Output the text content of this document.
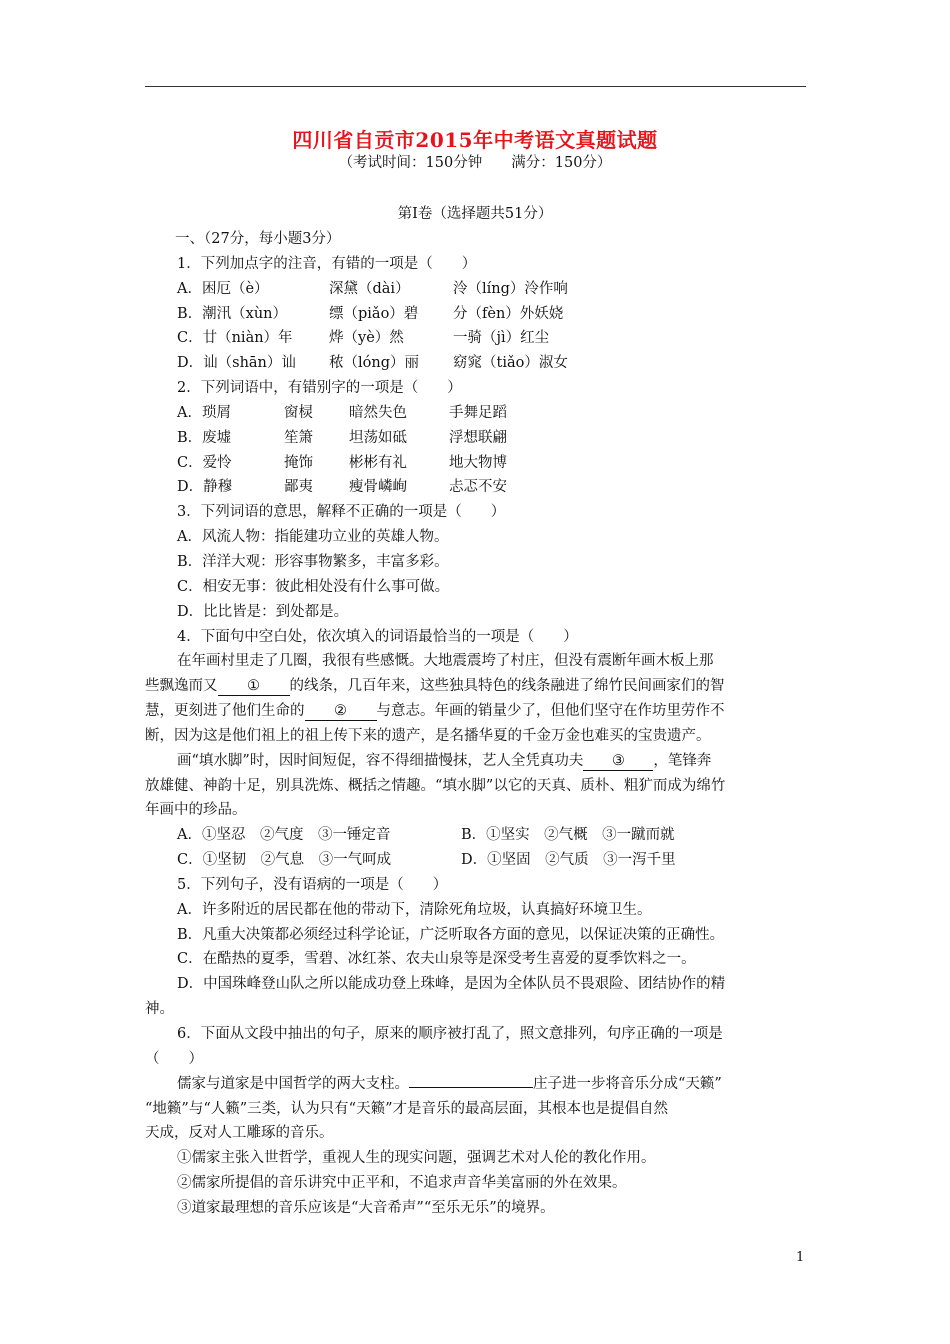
四川省自贡市2015年中考语文真题试题
（考试时间：150分钟　　满分：150分）
第Ⅰ卷（选择题共51分）
一、（27分，每小题3分）
1．下列加点字的注音，有错的一项是（　　）
A．困厄（è）	深黛（dài）	泠（líng）泠作响
B．潮汛（xùn）	缥（piǎo）碧 分（fèn）外妖娆
C．廿（niàn）年	烨（yè）然	一骑（jì）红尘
D．讪（shān）讪 秾（lóng）丽 窈窕（tiǎo）淑女
2．下列词语中，有错别字的一项是（　　）
A．琐屑	窗棂 暗然失色	手舞足蹈
B．废墟	笙箫 坦荡如砥	浮想联翩
C．爱怜	掩饰 彬彬有礼	地大物博
D．静穆	鄙夷 瘦骨嶙峋	忐忑不安
3．下列词语的意思，解释不正确的一项是（　　）
A．风流人物：指能建功立业的英雄人物。
B．洋洋大观：形容事物繁多，丰富多彩。
C．相安无事：彼此相处没有什么事可做。
D．比比皆是：到处都是。
4．下面句中空白处，依次填入的词语最恰当的一项是（　　）
在年画村里走了几圈，我很有些感慨。大地震震垮了村庄，但没有震断年画木板上那
些飘逸而又 ① 的线条，几百年来，这些独具特色的线条融进了绵竹民间画家们的智
慧，更刻进了他们生命的 ② 与意志。年画的销量少了，但他们坚守在作坊里劳作不
断，因为这是他们祖上的祖上传下来的遗产，是名播华夏的千金万金也难买的宝贵遗产。
画“填水脚”时，因时间短促，容不得细描慢抹，艺人全凭真功夫 ③ ，笔锋奔
放雄健、神韵十足，别具洗炼、概括之情趣。“填水脚”以它的天真、质朴、粗犷而成为绵竹
年画中的珍品。
A．①坚忍　②气度　③一锤定音	B．①坚实　②气概　③一蹴而就
C．①坚韧　②气息　③一气呵成	D．①坚固　②气质　③一泻千里
5．下列句子，没有语病的一项是（　　）
A．许多附近的居民都在他的带动下，清除死角垃圾，认真搞好环境卫生。
B．凡重大决策都必须经过科学论证，广泛听取各方面的意见，以保证决策的正确性。
C．在酷热的夏季，雪碧、冰红茶、农夫山泉等是深受考生喜爱的夏季饮料之一。
D．中国珠峰登山队之所以能成功登上珠峰，是因为全体队员不畏艰险、团结协作的精
神。
6．下面从文段中抽出的句子，原来的顺序被打乱了，照文意排列，句序正确的一项是
（　　）
儒家与道家是中国哲学的两大支柱。	庄子进一步将音乐分成“天籁”
“地籁”与“人籁”三类，认为只有“天籁”才是音乐的最高层面，其根本也是提倡自然
天成，反对人工雕琢的音乐。
①儒家主张入世哲学，重视人生的现实问题，强调艺术对人伦的教化作用。
②儒家所提倡的音乐讲究中正平和，不追求声音华美富丽的外在效果。
③道家最理想的音乐应该是“大音希声”“至乐无乐”的境界。
1
